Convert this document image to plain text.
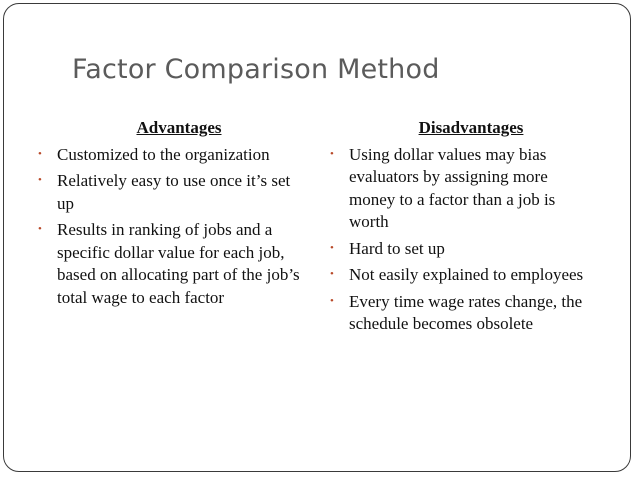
Factor Comparison Method
Advantages
• Customized to the organization
• Relatively easy to use once it’s set up
• Results in ranking of jobs and a specific dollar value for each job, based on allocating part of the job’s total wage to each factor
Disadvantages
• Using dollar values may bias evaluators by assigning more money to a factor than a job is worth
• Hard to set up
• Not easily explained to employees
• Every time wage rates change, the schedule becomes obsolete
